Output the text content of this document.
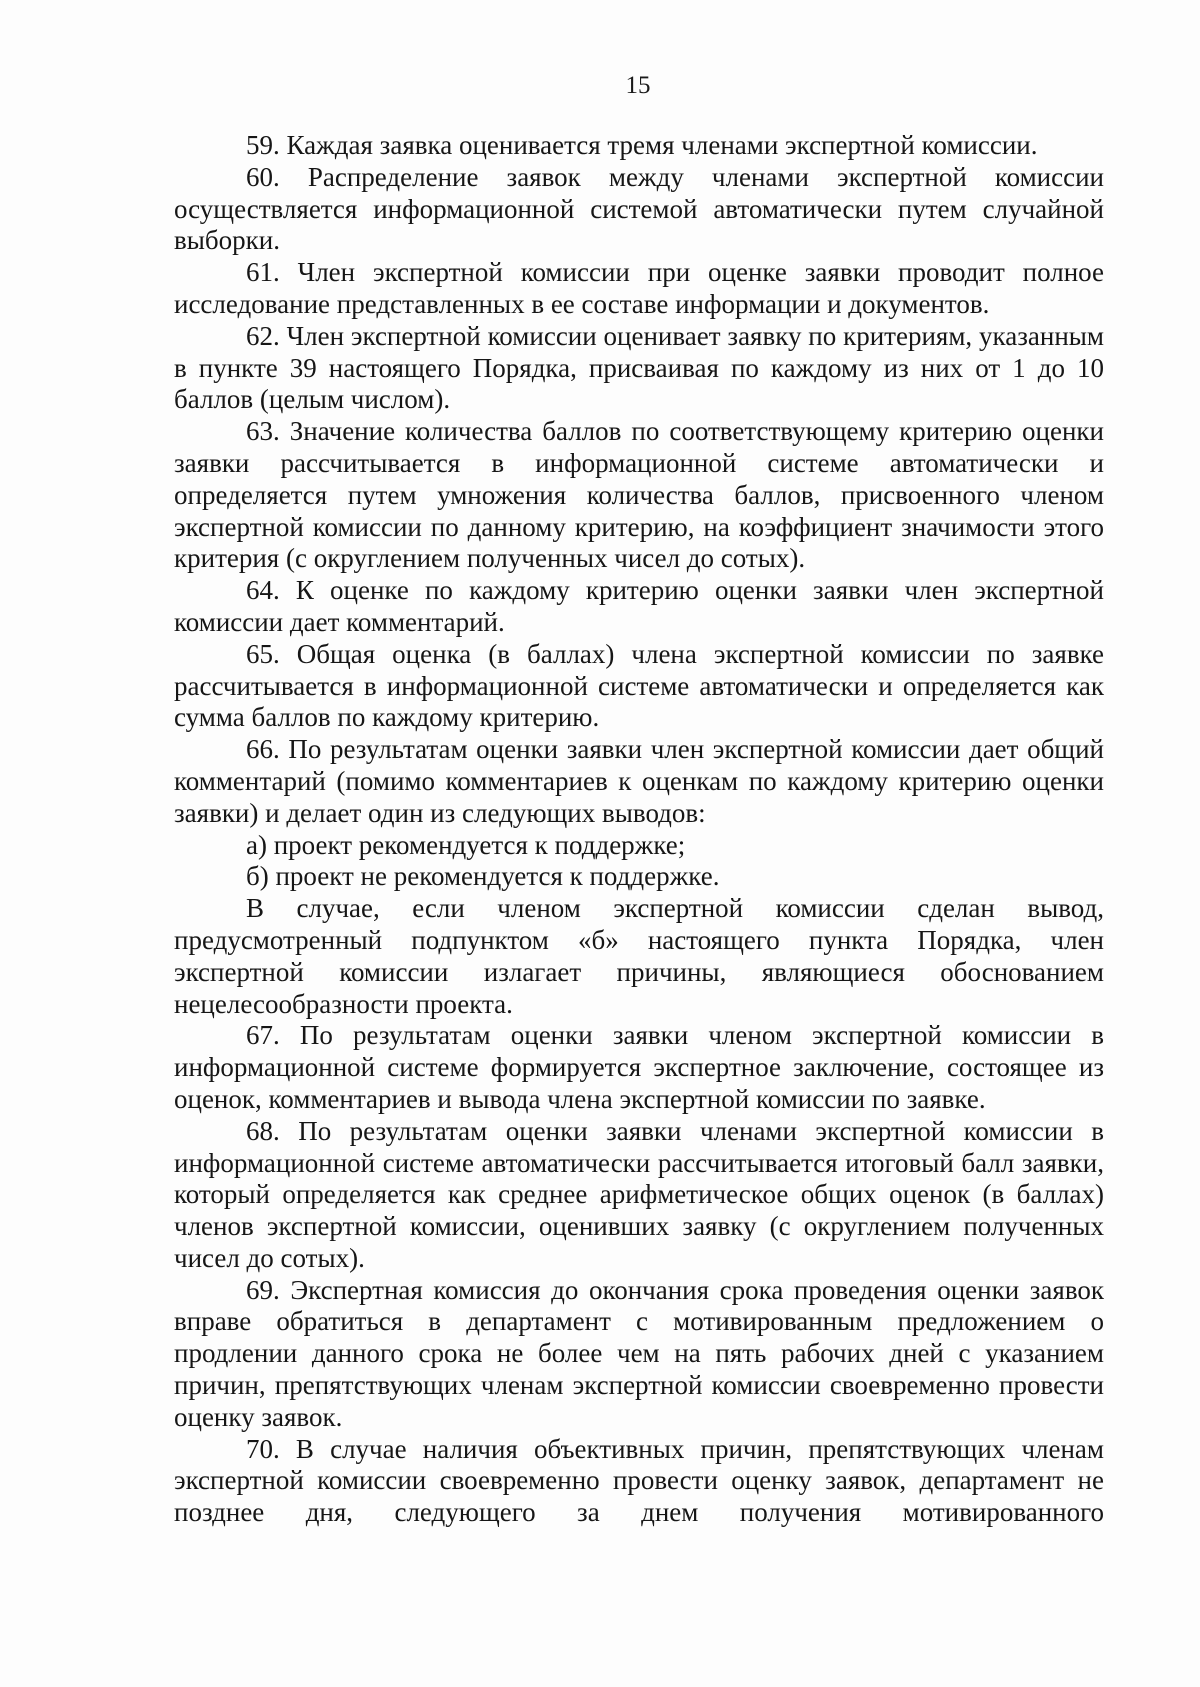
15

59. Каждая заявка оценивается тремя членами экспертной комиссии.

60. Распределение заявок между членами экспертной комиссии осуществляется информационной системой автоматически путем случайной выборки.

61. Член экспертной комиссии при оценке заявки проводит полное исследование представленных в ее составе информации и документов.

62. Член экспертной комиссии оценивает заявку по критериям, указанным в пункте 39 настоящего Порядка, присваивая по каждому из них от 1 до 10 баллов (целым числом).

63. Значение количества баллов по соответствующему критерию оценки заявки рассчитывается в информационной системе автоматически и определяется путем умножения количества баллов, присвоенного членом экспертной комиссии по данному критерию, на коэффициент значимости этого критерия (с округлением полученных чисел до сотых).

64. К оценке по каждому критерию оценки заявки член экспертной комиссии дает комментарий.

65. Общая оценка (в баллах) члена экспертной комиссии по заявке рассчитывается в информационной системе автоматически и определяется как сумма баллов по каждому критерию.

66. По результатам оценки заявки член экспертной комиссии дает общий комментарий (помимо комментариев к оценкам по каждому критерию оценки заявки) и делает один из следующих выводов:

а) проект рекомендуется к поддержке;

б) проект не рекомендуется к поддержке.

В случае, если членом экспертной комиссии сделан вывод, предусмотренный подпунктом «б» настоящего пункта Порядка, член экспертной комиссии излагает причины, являющиеся обоснованием нецелесообразности проекта.

67. По результатам оценки заявки членом экспертной комиссии в информационной системе формируется экспертное заключение, состоящее из оценок, комментариев и вывода члена экспертной комиссии по заявке.

68. По результатам оценки заявки членами экспертной комиссии в информационной системе автоматически рассчитывается итоговый балл заявки, который определяется как среднее арифметическое общих оценок (в баллах) членов экспертной комиссии, оценивших заявку (с округлением полученных чисел до сотых).

69. Экспертная комиссия до окончания срока проведения оценки заявок вправе обратиться в департамент с мотивированным предложением о продлении данного срока не более чем на пять рабочих дней с указанием причин, препятствующих членам экспертной комиссии своевременно провести оценку заявок.

70. В случае наличия объективных причин, препятствующих членам экспертной комиссии своевременно провести оценку заявок, департамент не позднее дня, следующего за днем получения мотивированного
